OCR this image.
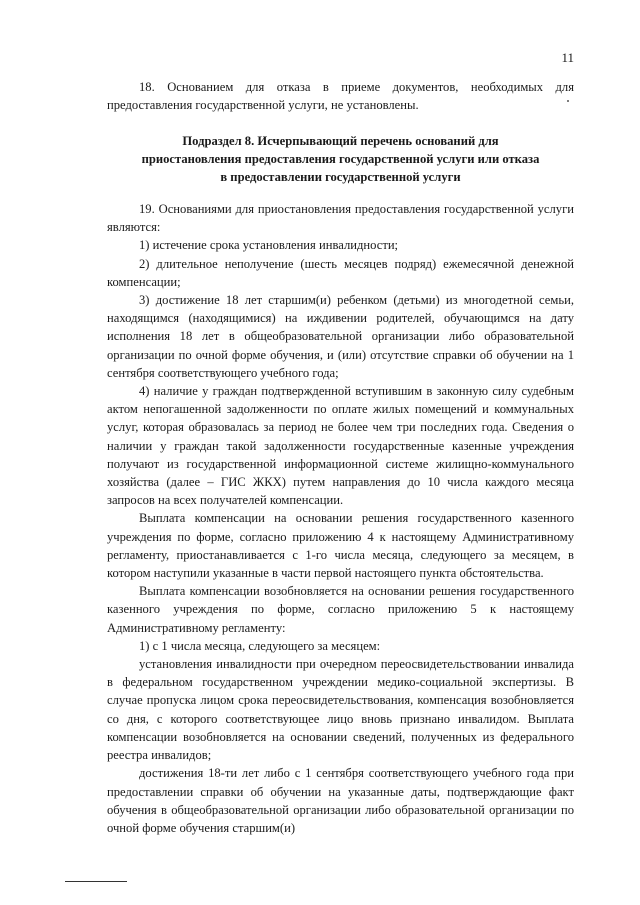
11

18. Основанием для отказа в приеме документов, необходимых для предоставления государственной услуги, не установлены.

Подраздел 8. Исчерпывающий перечень оснований для

приостановления предоставления государственной услуги или отказа

в предоставлении государственной услуги

19. Основаниями для приостановления предоставления государственной услуги являются:

1) истечение срока установления инвалидности;

2) длительное неполучение (шесть месяцев подряд) ежемесячной денежной компенсации;

3) достижение 18 лет старшим(и) ребенком (детьми) из многодетной семьи, находящимся (находящимися) на иждивении родителей, обучающимся на дату исполнения 18 лет в общеобразовательной организации либо образовательной организации по очной форме обучения, и (или) отсутствие справки об обучении на 1 сентября соответствующего учебного года;

4) наличие у граждан подтвержденной вступившим в законную силу судебным актом непогашенной задолженности по оплате жилых помещений и коммунальных услуг, которая образовалась за период не более чем три последних года. Сведения о наличии у граждан такой задолженности государственные казенные учреждения получают из государственной информационной системе жилищно-коммунального хозяйства (далее – ГИС ЖКХ) путем направления до 10 числа каждого месяца запросов на всех получателей компенсации.

Выплата компенсации на основании решения государственного казенного учреждения по форме, согласно приложению 4 к настоящему Административному регламенту, приостанавливается с 1-го числа месяца, следующего за месяцем, в котором наступили указанные в части первой настоящего пункта обстоятельства.

Выплата компенсации возобновляется на основании решения государственного казенного учреждения по форме, согласно приложению 5 к настоящему Административному регламенту:

1) с 1 числа месяца, следующего за месяцем:

установления инвалидности при очередном переосвидетельствовании инвалида в федеральном государственном учреждении медико-социальной экспертизы. В случае пропуска лицом срока переосвидетельствования, компенсация возобновляется со дня, с которого соответствующее лицо вновь признано инвалидом. Выплата компенсации возобновляется на основании сведений, полученных из федерального реестра инвалидов;

достижения 18-ти лет либо с 1 сентября соответствующего учебного года при предоставлении справки об обучении на указанные даты, подтверждающие факт обучения в общеобразовательной организации либо образовательной организации по очной форме обучения старшим(и)
